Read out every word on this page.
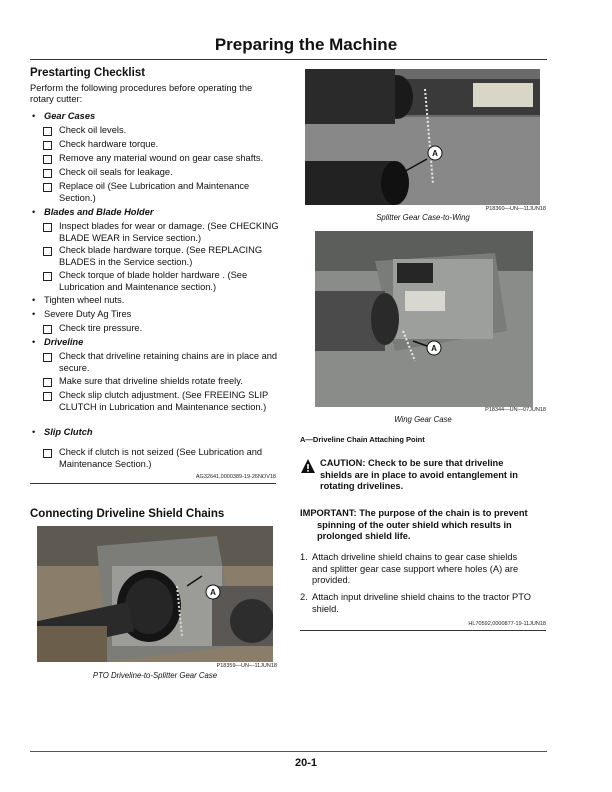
Preparing the Machine
Prestarting Checklist
Perform the following procedures before operating the
rotary cutter:
• Gear Cases
Check oil levels.
Check hardware torque.
Remove any material wound on gear case shafts.
Check oil seals for leakage.
Replace oil (See Lubrication and Maintenance Section.)
• Blades and Blade Holder
Inspect blades for wear or damage. (See CHECKING BLADE WEAR in Service section.)
Check blade hardware torque. (See REPLACING BLADES in the Service section.)
Check torque of blade holder hardware . (See Lubrication and Maintenance section.)
• Tighten wheel nuts.
• Severe Duty Ag Tires
Check tire pressure.
• Driveline
Check that driveline retaining chains are in place and secure.
Make sure that driveline shields rotate freely.
Check slip clutch adjustment. (See FREEING SLIP CLUTCH in Lubrication and Maintenance section.)
• Slip Clutch
Check if clutch is not seized (See Lubrication and Maintenance Section.)
AG32641,0000389-19-26NOV18
Connecting Driveline Shield Chains
A
P18359—UN—11JUN18
PTO Driveline-to-Splitter Gear Case
A
P18360—UN—11JUN18
Splitter Gear Case-to-Wing
A
P18344—UN—07JUN18
Wing Gear Case
A—Driveline Chain Attaching Point
CAUTION: Check to be sure that driveline
shields are in place to avoid entanglement in
rotating drivelines.
IMPORTANT: The purpose of the chain is to prevent
spinning of the outer shield which results in
prolonged shield life.
1. Attach driveline shield chains to gear case shields
and splitter gear case support where holes (A) are
provided.
2. Attach input driveline shield chains to the tractor PTO
shield.
HL70592,0000877-19-11JUN18
20-1
